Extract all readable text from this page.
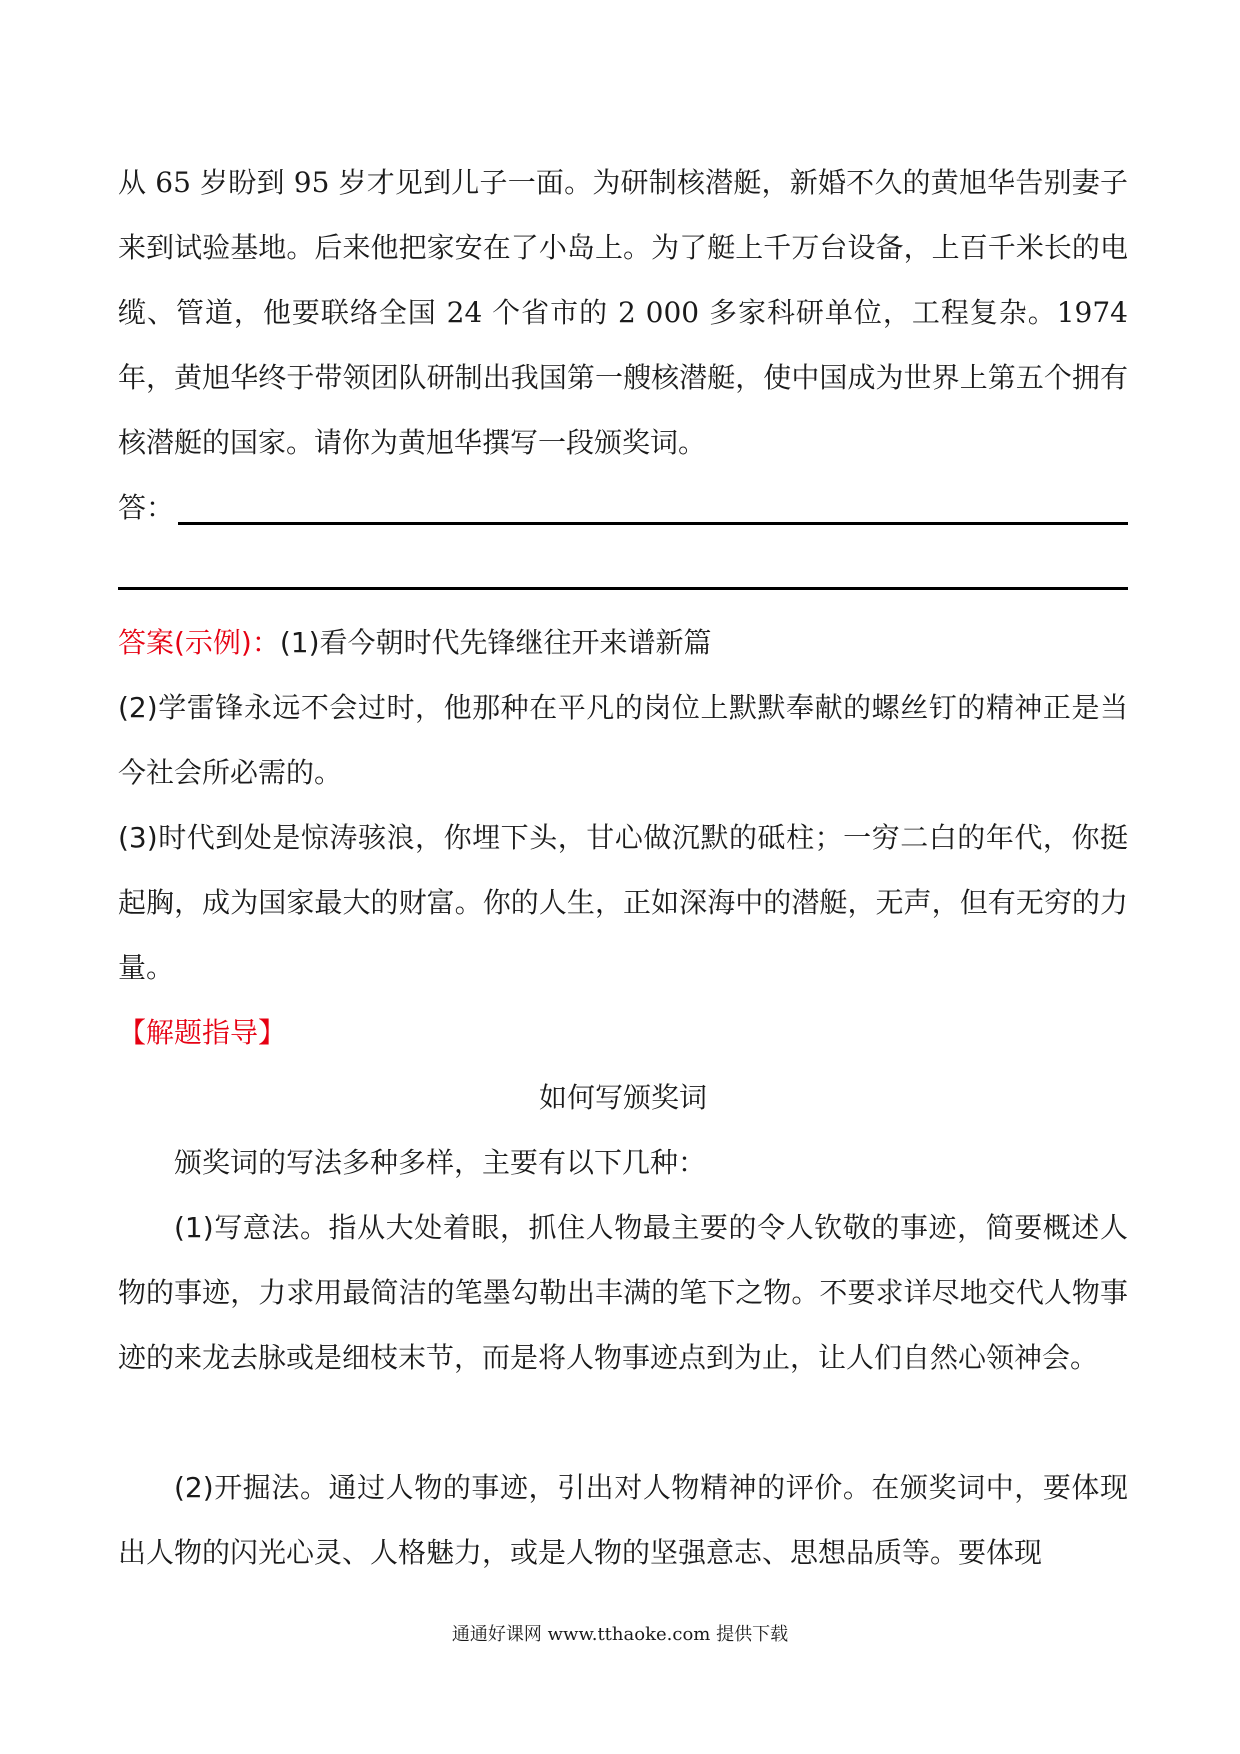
从 65 岁盼到 95 岁才见到儿子一面。为研制核潜艇，新婚不久的黄旭华告别妻子来到试验基地。后来他把家安在了小岛上。为了艇上千万台设备，上百千米长的电缆、管道，他要联络全国 24 个省市的 2 000 多家科研单位，工程复杂。1974 年，黄旭华终于带领团队研制出我国第一艘核潜艇，使中国成为世界上第五个拥有核潜艇的国家。请你为黄旭华撰写一段颁奖词。
答：
答案(示例)：(1)看今朝时代先锋继往开来谱新篇
(2)学雷锋永远不会过时，他那种在平凡的岗位上默默奉献的螺丝钉的精神正是当今社会所必需的。
(3)时代到处是惊涛骇浪，你埋下头，甘心做沉默的砥柱；一穷二白的年代，你挺起胸，成为国家最大的财富。你的人生，正如深海中的潜艇，无声，但有无穷的力量。
【解题指导】
如何写颁奖词
颁奖词的写法多种多样，主要有以下几种：
(1)写意法。指从大处着眼，抓住人物最主要的令人钦敬的事迹，简要概述人物的事迹，力求用最简洁的笔墨勾勒出丰满的笔下之物。不要求详尽地交代人物事迹的来龙去脉或是细枝末节，而是将人物事迹点到为止，让人们自然心领神会。
(2)开掘法。通过人物的事迹，引出对人物精神的评价。在颁奖词中，要体现出人物的闪光心灵、人格魅力，或是人物的坚强意志、思想品质等。要体现
通通好课网 www.tthaoke.com 提供下载
